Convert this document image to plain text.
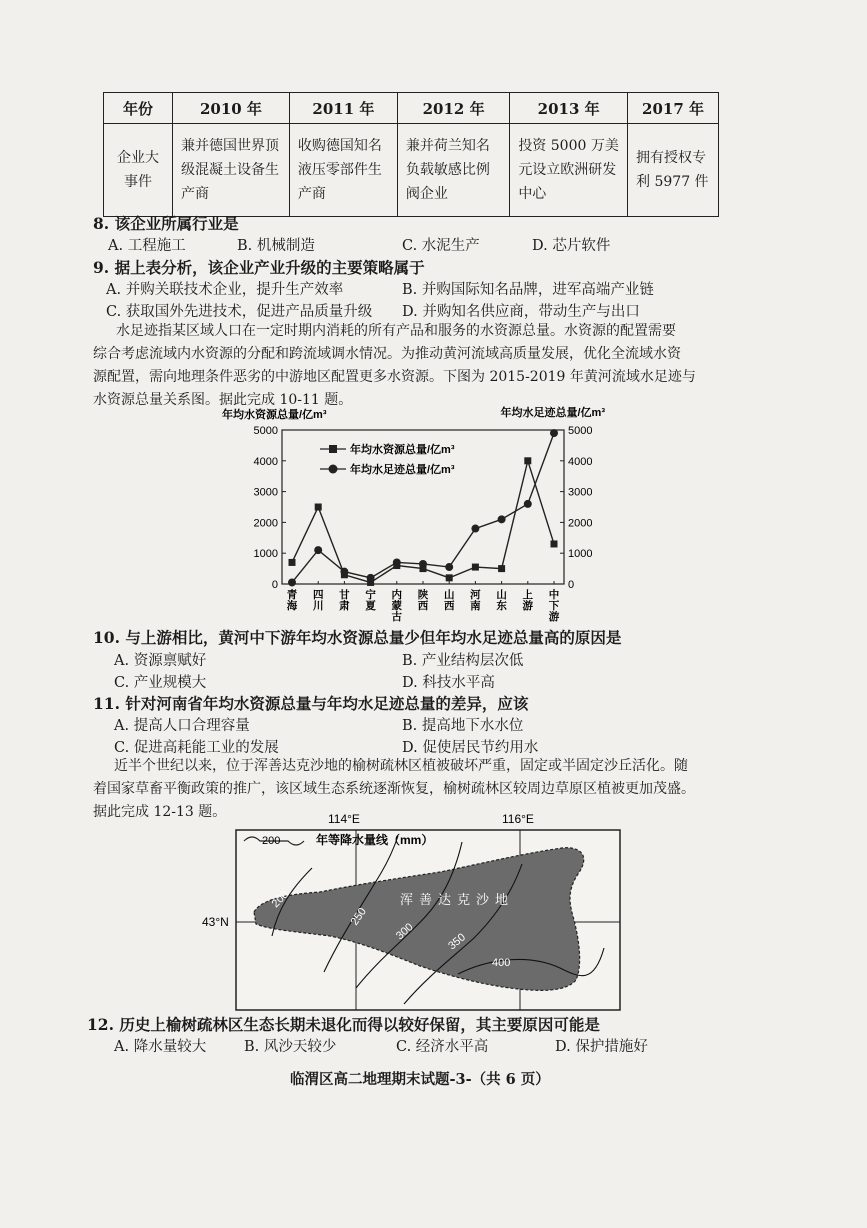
年份	2010 年	2011 年	2012 年	2013 年	2017 年
企业大事件	兼并德国世界顶级混凝土设备生产商	收购德国知名液压零部件生产商	兼并荷兰知名负载敏感比例阀企业	投资 5000 万美元设立欧洲研发中心	拥有授权专利 5977 件
8. 该企业所属行业是
A. 工程施工	B. 机械制造	C. 水泥生产	D. 芯片软件
9. 据上表分析，该企业产业升级的主要策略属于
A. 并购关联技术企业，提升生产效率	B. 并购国际知名品牌，进军高端产业链
C. 获取国外先进技术，促进产品质量升级 D. 并购知名供应商，带动生产与出口
水足迹指某区域人口在一定时期内消耗的所有产品和服务的水资源总量。水资源的配置需要
综合考虑流域内水资源的分配和跨流域调水情况。为推动黄河流域高质量发展，优化全流域水资
源配置，需向地理条件恶劣的中游地区配置更多水资源。下图为 2015-2019 年黄河流域水足迹与
水资源总量关系图。据此完成 10-11 题。
年均水资源总量/亿m³	年均水足迹总量/亿m³
0
1000
2000
3000
4000
5000
0
1000
2000
3000
4000
5000
青海
四川
甘肃
宁夏
内蒙古
陕西
山西
河南
山东
上游
中下游
年均水资源总量/亿m³
年均水足迹总量/亿m³
10. 与上游相比，黄河中下游年均水资源总量少但年均水足迹总量高的原因是
A. 资源禀赋好	B. 产业结构层次低
C. 产业规模大	D. 科技水平高
11. 针对河南省年均水资源总量与年均水足迹总量的差异，应该
A. 提高人口合理容量	B. 提高地下水水位
C. 促进高耗能工业的发展	D. 促使居民节约用水
近半个世纪以来，位于浑善达克沙地的榆树疏林区植被破坏严重，固定或半固定沙丘活化。随
着国家草畜平衡政策的推广，该区域生态系统逐渐恢复，榆树疏林区较周边草原区植被更加茂盛。
据此完成 12-13 题。	114°E	116°E
43°N
200	年等降水量线（mm）
200
250
300	350
400
浑善达克沙地
12. 历史上榆树疏林区生态长期未退化而得以较好保留，其主要原因可能是
A. 降水量较大	B. 风沙天较少	C. 经济水平高	D. 保护措施好
临渭区高二地理期末试题-3-（共 6 页）
